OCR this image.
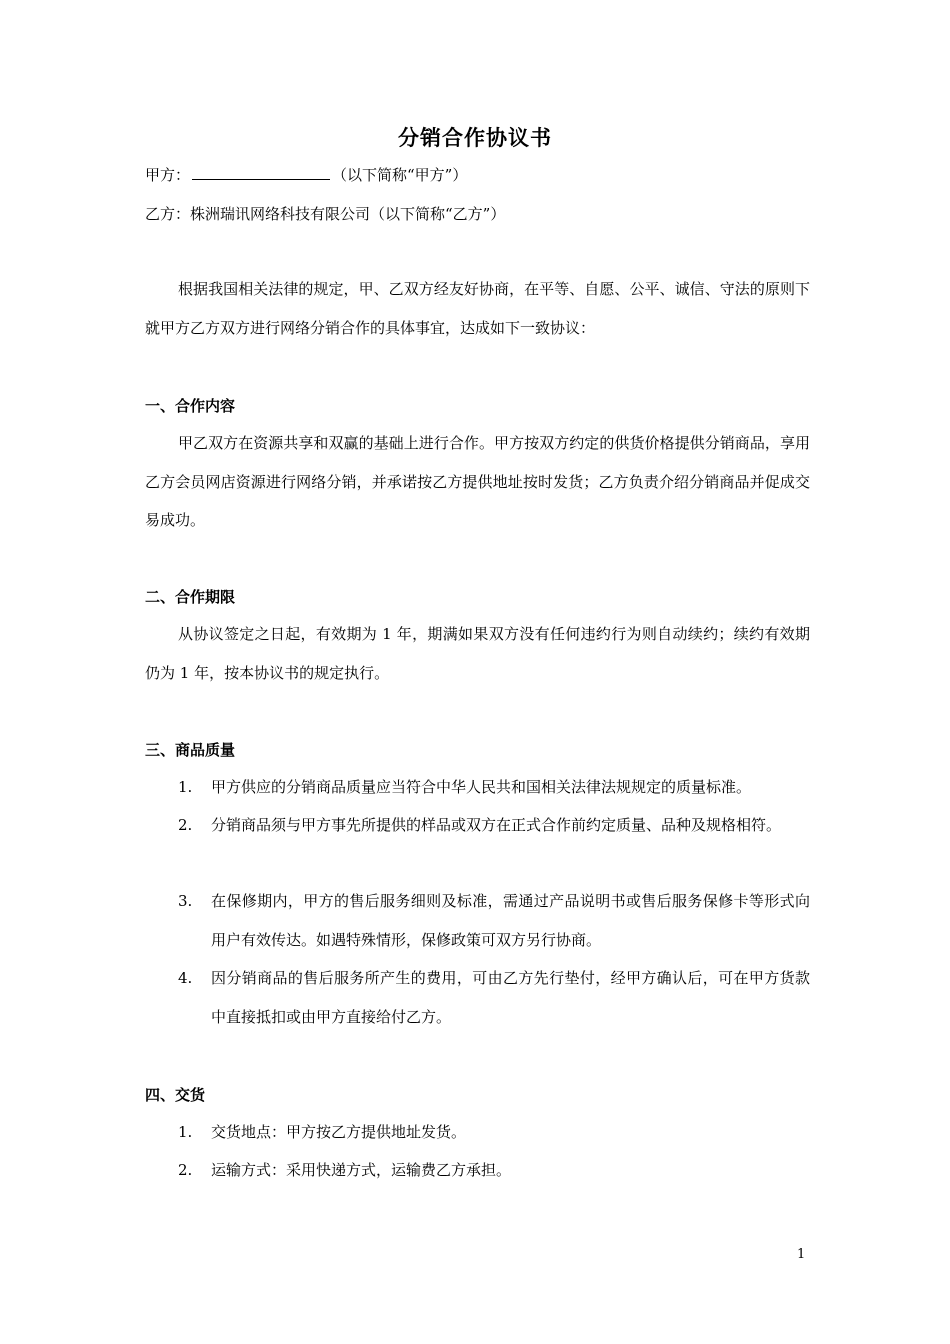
分销合作协议书
甲方：	（以下简称“甲方”）
乙方：株洲瑞讯网络科技有限公司（以下简称“乙方”）
根据我国相关法律的规定，甲、乙双方经友好协商，在平等、自愿、公平、诚信、守法的原则下就甲方乙方双方进行网络分销合作的具体事宜，达成如下一致协议：
一、合作内容
甲乙双方在资源共享和双赢的基础上进行合作。甲方按双方约定的供货价格提供分销商品，享用乙方会员网店资源进行网络分销，并承诺按乙方提供地址按时发货；乙方负责介绍分销商品并促成交易成功。
二、合作期限
从协议签定之日起，有效期为 1 年，期满如果双方没有任何违约行为则自动续约；续约有效期仍为 1 年，按本协议书的规定执行。
三、商品质量
1.	甲方供应的分销商品质量应当符合中华人民共和国相关法律法规规定的质量标准。
2.	分销商品须与甲方事先所提供的样品或双方在正式合作前约定质量、品种及规格相符。
3.	在保修期内，甲方的售后服务细则及标准，需通过产品说明书或售后服务保修卡等形式向用户有效传达。如遇特殊情形，保修政策可双方另行协商。
4.	因分销商品的售后服务所产生的费用，可由乙方先行垫付，经甲方确认后，可在甲方货款中直接抵扣或由甲方直接给付乙方。
四、交货
1.	交货地点：甲方按乙方提供地址发货。
2.	运输方式：采用快递方式，运输费乙方承担。
1
